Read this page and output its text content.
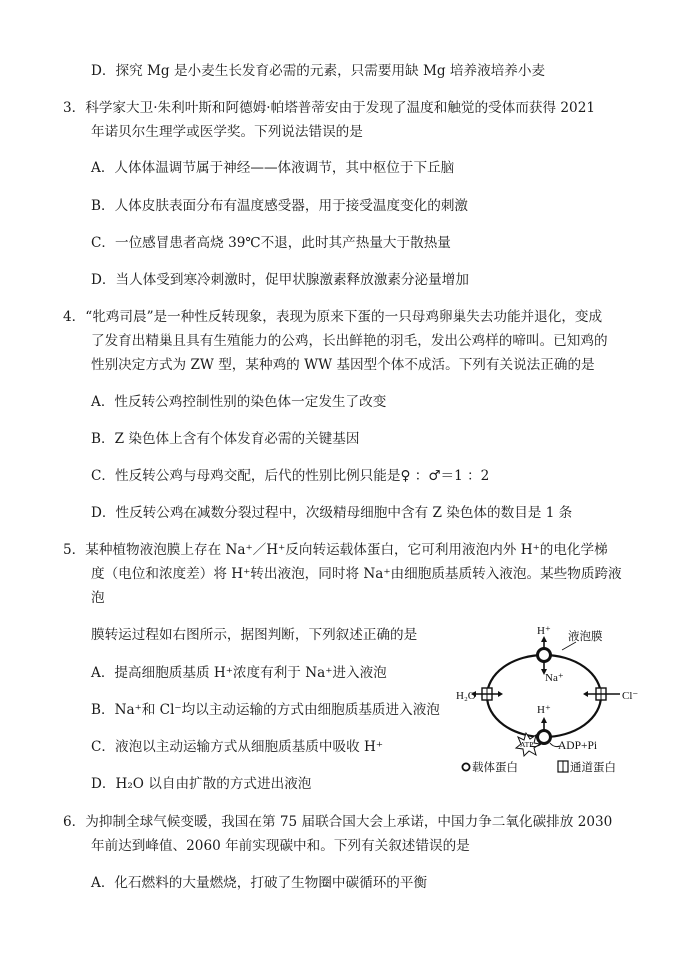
D．探究 Mg 是小麦生长发育必需的元素，只需要用缺 Mg 培养液培养小麦
3．科学家大卫·朱利叶斯和阿德姆·帕塔普蒂安由于发现了温度和触觉的受体而获得 2021
年诺贝尔生理学或医学奖。下列说法错误的是
A．人体体温调节属于神经——体液调节，其中枢位于下丘脑
B．人体皮肤表面分布有温度感受器，用于接受温度变化的刺激
C．一位感冒患者高烧 39℃不退，此时其产热量大于散热量
D．当人体受到寒冷刺激时，促甲状腺激素释放激素分泌量增加
4．“牝鸡司晨”是一种性反转现象，表现为原来下蛋的一只母鸡卵巢失去功能并退化，变成
了发育出精巢且具有生殖能力的公鸡，长出鲜艳的羽毛，发出公鸡样的啼叫。已知鸡的
性别决定方式为 ZW 型，某种鸡的 WW 基因型个体不成活。下列有关说法正确的是
A．性反转公鸡控制性别的染色体一定发生了改变
B．Z 染色体上含有个体发育必需的关键基因
C．性反转公鸡与母鸡交配，后代的性别比例只能是♀ ：♂＝1 ：2
D．性反转公鸡在减数分裂过程中，次级精母细胞中含有 Z 染色体的数目是 1 条
5．某种植物液泡膜上存在 Na⁺／H⁺反向转运载体蛋白，它可利用液泡内外 H⁺的电化学梯
度（电位和浓度差）将 H⁺转出液泡，同时将 Na⁺由细胞质基质转入液泡。某些物质跨液
泡
膜转运过程如右图所示，据图判断，下列叙述正确的是
A．提高细胞质基质 H⁺浓度有利于 Na⁺进入液泡
B．Na⁺和 Cl⁻均以主动运输的方式由细胞质基质进入液泡
C．液泡以主动运输方式从细胞质基质中吸收 H⁺
D．H₂O 以自由扩散的方式进出液泡
H⁺
Na⁺
液泡膜
H₂O	Cl⁻
H⁺
ATP ADP+Pi
载体蛋白	通道蛋白
6．为抑制全球气候变暖，我国在第 75 届联合国大会上承诺，中国力争二氧化碳排放 2030
年前达到峰值、2060 年前实现碳中和。下列有关叙述错误的是
A．化石燃料的大量燃烧，打破了生物圈中碳循环的平衡
